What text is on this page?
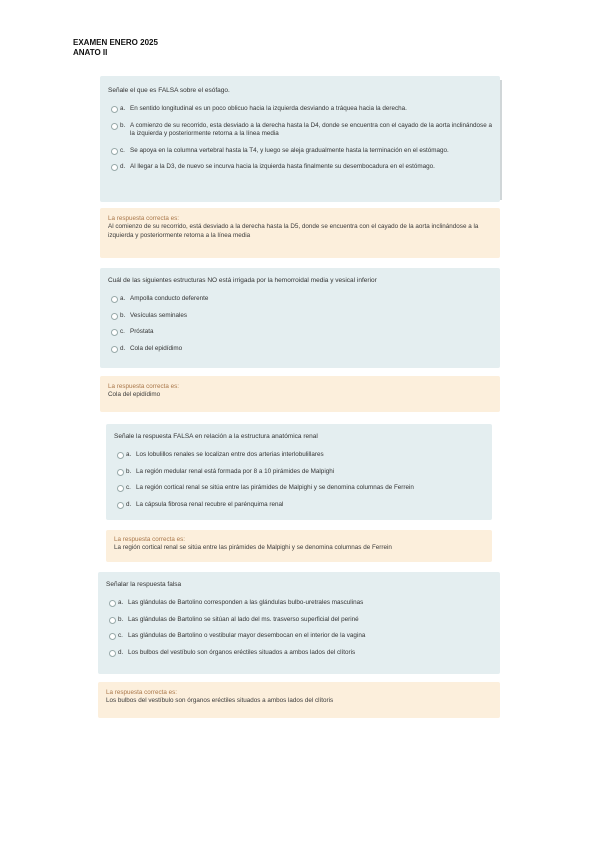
EXAMEN ENERO 2025
ANATO II
Señale el que es FALSA sobre el esófago.
a. En sentido longitudinal es un poco oblicuo hacia la izquierda desviando a tráquea hacia la derecha.
b. A comienzo de su recorrido, esta desviado a la derecha hasta la D4, donde se encuentra con el cayado de la aorta inclinándose a la izquierda y posteriormente retorna a la línea media
c. Se apoya en la columna vertebral hasta la T4, y luego se aleja gradualmente hasta la terminación en el estómago.
d. Al llegar a la D3, de nuevo se incurva hacia la izquierda hasta finalmente su desembocadura en el estómago.
La respuesta correcta es:
Al comienzo de su recorrido, está desviado a la derecha hasta la D5, donde se encuentra con el cayado de la aorta inclinándose a la izquierda y posteriormente retorna a la línea media
Cuál de las siguientes estructuras NO está irrigada por la hemorroidal media y vesical inferior
a. Ampolla conducto deferente
b. Vesículas seminales
c. Próstata
d. Cola del epidídimo
La respuesta correcta es:
Cola del epidídimo
Señale la respuesta FALSA en relación a la estructura anatómica renal
a. Los lobulillos renales se localizan entre dos arterias interlobulillares
b. La región medular renal está formada por 8 a 10 pirámides de Malpighi
c. La región cortical renal se sitúa entre las pirámides de Malpighi y se denomina columnas de Ferrein
d. La cápsula fibrosa renal recubre el parénquima renal
La respuesta correcta es:
La región cortical renal se sitúa entre las pirámides de Malpighi y se denomina columnas de Ferrein
Señalar la respuesta falsa
a. Las glándulas de Bartolino corresponden a las glándulas bulbo-uretrales masculinas
b. Las glándulas de Bartolino se sitúan al lado del ms. trasverso superficial del periné
c. Las glándulas de Bartolino o vestibular mayor desembocan en el interior de la vagina
d. Los bulbos del vestíbulo son órganos eréctiles situados a ambos lados del clítoris
La respuesta correcta es:
Los bulbos del vestíbulo son órganos eréctiles situados a ambos lados del clítoris
